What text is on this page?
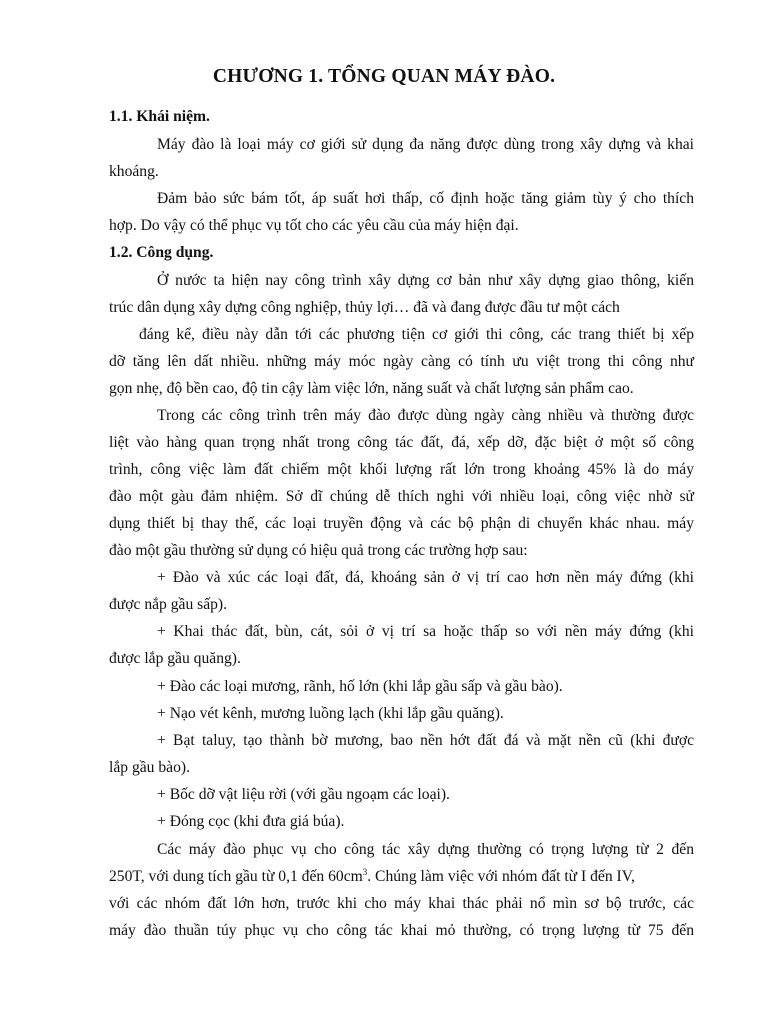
CHƯƠNG 1. TỔNG QUAN MÁY ĐÀO.
1.1. Khái niệm.
Máy đào là loại máy cơ giới sử dụng đa năng được dùng trong xây dựng và khai
khoáng.
Đảm bảo sức bám tốt, áp suất hơi thấp, cố định hoặc tăng giảm tùy ý cho thích
hợp. Do vậy có thể phục vụ tốt cho các yêu cầu của máy hiện đại.
1.2. Công dụng.
Ở nước ta hiện nay công trình xây dựng cơ bản như xây dựng giao thông, kiến
trúc dân dụng xây dựng công nghiệp, thủy lợi… đã và đang được đầu tư một cách
đáng kể, điều này dẫn tới các phương tiện cơ giới thi công, các trang thiết bị xếp
dỡ tăng lên dất nhiều. những máy móc ngày càng có tính ưu việt trong thi công như
gọn nhẹ, độ bền cao, độ tin cậy làm việc lớn, năng suất và chất lượng sản phẩm cao.
Trong các công trình trên máy đào được dùng ngày càng nhiều và thường được
liệt vào hàng quan trọng nhất trong công tác đất, đá, xếp dỡ, đặc biệt ở một số công
trình, công việc làm đất chiếm một khối lượng rất lớn trong khoảng 45% là do máy
đào một gàu đảm nhiệm. Sở dĩ chúng dễ thích nghi với nhiều loại, công việc nhờ sử
dụng thiết bị thay thế, các loại truyền động và các bộ phận di chuyển khác nhau. máy
đào một gầu thường sử dụng có hiệu quả trong các trường hợp sau:
+ Đào và xúc các loại đất, đá, khoáng sản ở vị trí cao hơn nền máy đứng (khi
được nắp gầu sấp).
+ Khai thác đất, bùn, cát, sỏi ở vị trí sa hoặc thấp so với nền máy đứng (khi
được lắp gầu quăng).
+ Đào các loại mương, rãnh, hố lớn (khi lắp gầu sấp và gầu bào).
+ Nạo vét kênh, mương luồng lạch (khi lắp gầu quăng).
+ Bạt taluy, tạo thành bờ mương, bao nền hớt đất đá và mặt nền cũ (khi được
lắp gầu bào).
+ Bốc dỡ vật liệu rời (với gầu ngoạm các loại).
+ Đóng cọc (khi đưa giá búa).
Các máy đào phục vụ cho công tác xây dựng thường có trọng lượng từ 2 đến
250T, với dung tích gầu từ 0,1 đến $60cm^3$. Chúng làm việc với nhóm đất từ I đến IV,
với các nhóm đất lớn hơn, trước khi cho máy khai thác phải nổ mìn sơ bộ trước, các
máy đào thuần túy phục vụ cho công tác khai mỏ thường, có trọng lượng từ 75 đến
